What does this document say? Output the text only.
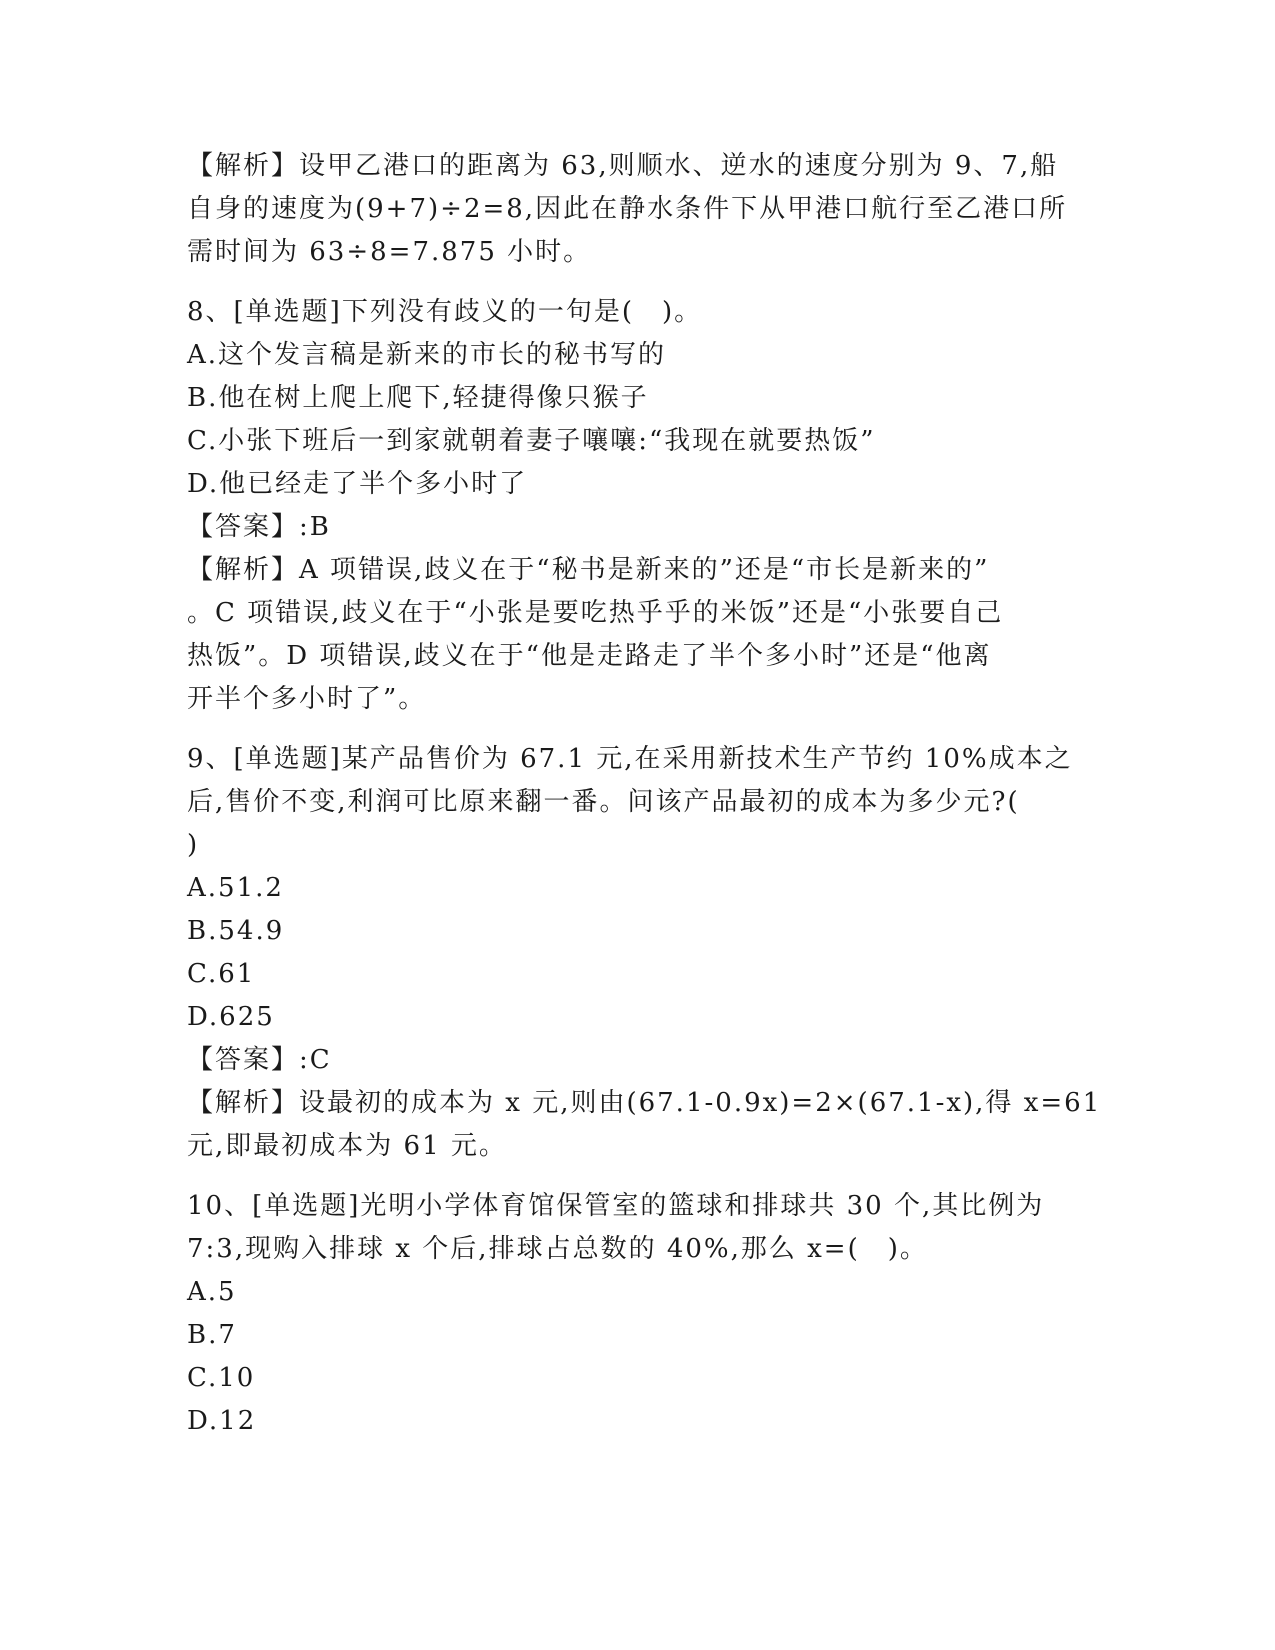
【解析】设甲乙港口的距离为 63,则顺水、逆水的速度分别为 9、7,船
自身的速度为(9+7)÷2=8,因此在静水条件下从甲港口航行至乙港口所
需时间为 63÷8=7.875 小时。
8、[单选题]下列没有歧义的一句是(　)。
A.这个发言稿是新来的市长的秘书写的
B.他在树上爬上爬下,轻捷得像只猴子
C.小张下班后一到家就朝着妻子嚷嚷:“我现在就要热饭”
D.他已经走了半个多小时了
【答案】:B
【解析】A 项错误,歧义在于“秘书是新来的”还是“市长是新来的”
。C 项错误,歧义在于“小张是要吃热乎乎的米饭”还是“小张要自己
热饭”。D 项错误,歧义在于“他是走路走了半个多小时”还是“他离
开半个多小时了”。
9、[单选题]某产品售价为 67.1 元,在采用新技术生产节约 10%成本之
后,售价不变,利润可比原来翻一番。问该产品最初的成本为多少元?(
)
A.51.2
B.54.9
C.61
D.625
【答案】:C
【解析】设最初的成本为 x 元,则由(67.1-0.9x)=2×(67.1-x),得 x=61
元,即最初成本为 61 元。
10、[单选题]光明小学体育馆保管室的篮球和排球共 30 个,其比例为
7:3,现购入排球 x 个后,排球占总数的 40%,那么 x=(　)。
A.5
B.7
C.10
D.12
